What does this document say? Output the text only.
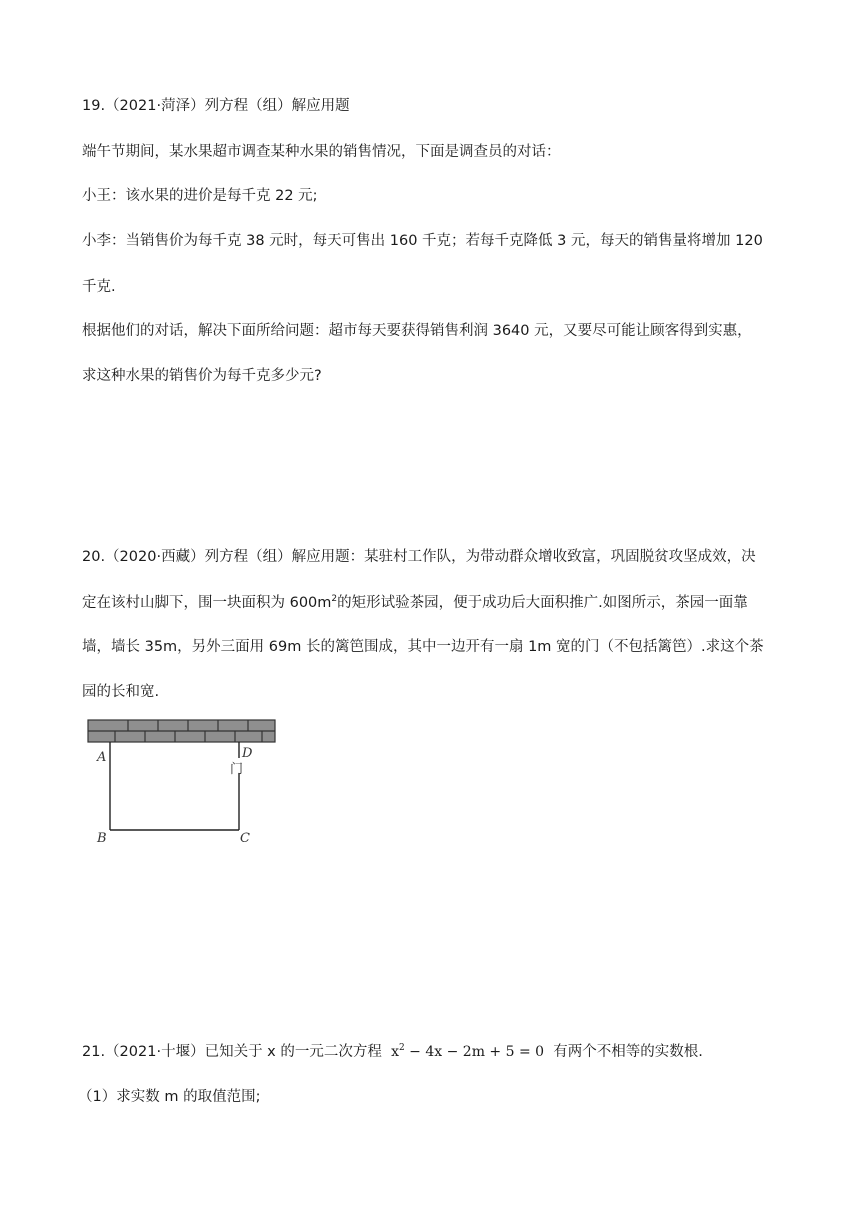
19.（2021·菏泽）列方程（组）解应用题
端午节期间，某水果超市调查某种水果的销售情况，下面是调查员的对话：
小王：该水果的进价是每千克 22 元;
小李：当销售价为每千克 38 元时，每天可售出 160 千克；若每千克降低 3 元，每天的销售量将增加 120
千克.
根据他们的对话，解决下面所给问题：超市每天要获得销售利润 3640 元，又要尽可能让顾客得到实惠，
求这种水果的销售价为每千克多少元?
20.（2020·西藏）列方程（组）解应用题：某驻村工作队，为带动群众增收致富，巩固脱贫攻坚成效，决
定在该村山脚下，围一块面积为 $600m^2$的矩形试验茶园，便于成功后大面积推广.如图所示，茶园一面靠
墙，墙长 35m，另外三面用 69m 长的篱笆围成，其中一边开有一扇 1m 宽的门（不包括篱笆）.求这个茶
园的长和宽.
A	D
门
B	C
21.（2021·十堰）已知关于 x 的一元二次方程 $x^2 - 4x - 2m + 5 = 0$ 有两个不相等的实数根.
（1）求实数 m 的取值范围;
